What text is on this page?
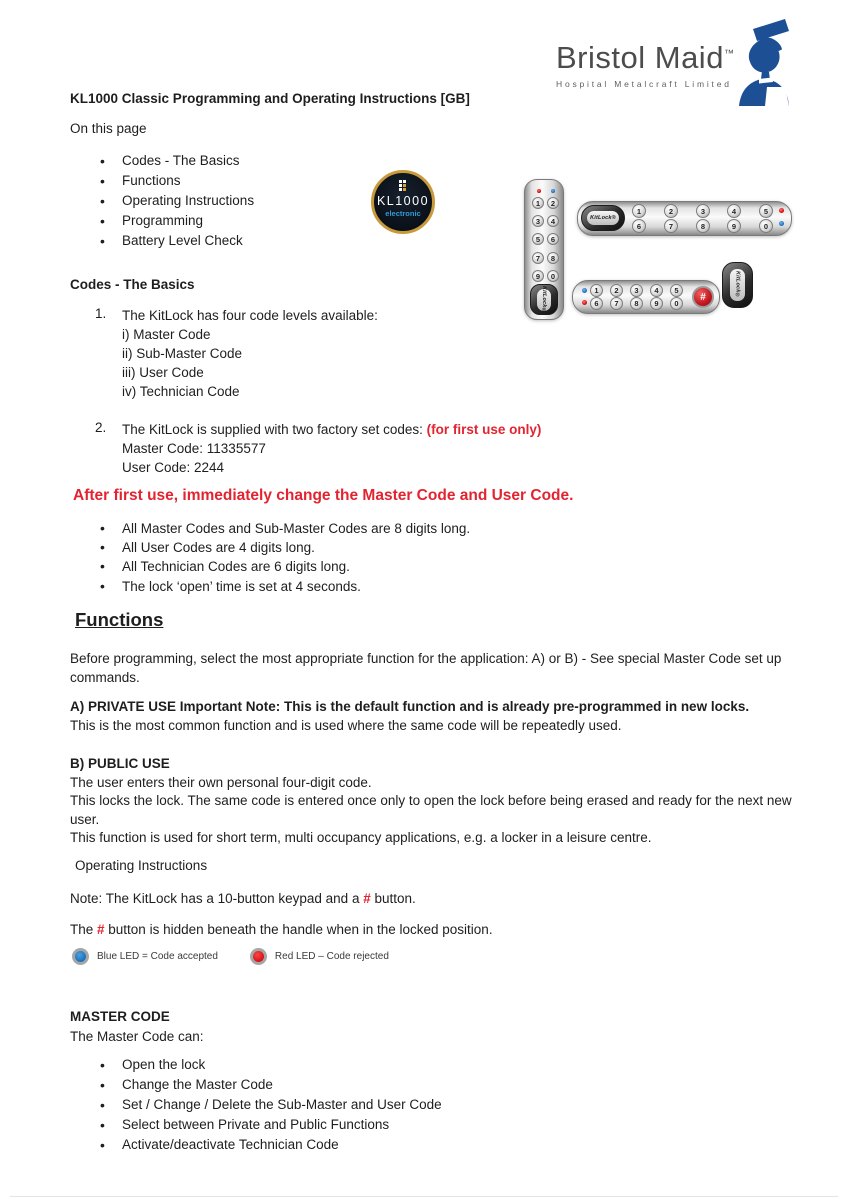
Bristol Maid™
Hospital Metalcraft Limited
KL1000 Classic Programming and Operating Instructions [GB]
On this page
• Codes - The Basics
• Functions
• Operating Instructions
• Programming
• Battery Level Check
KL1000
electronic
1	2
3	4
5	6
7	8
9	0
KitLock®
KitLock®
1	2	3	4	5
6	7	8	9	0
1	2	3	4	5
6	7	8	9	0
#	KitLock®
Codes - The Basics
1.	The KitLock has four code levels available:
i) Master Code
ii) Sub-Master Code
iii) User Code
iv) Technician Code
2.	The KitLock is supplied with two factory set codes: (for first use only)
Master Code: 11335577
User Code: 2244
After first use, immediately change the Master Code and User Code.
• All Master Codes and Sub-Master Codes are 8 digits long.
• All User Codes are 4 digits long.
• All Technician Codes are 6 digits long.
• The lock ‘open’ time is set at 4 seconds.
Functions
Before programming, select the most appropriate function for the application: A) or B) - See special Master Code set up commands.
A) PRIVATE USE Important Note: This is the default function and is already pre-programmed in new locks.
This is the most common function and is used where the same code will be repeatedly used.
B) PUBLIC USE
The user enters their own personal four-digit code.
This locks the lock. The same code is entered once only to open the lock before being erased and ready for the next new user.
This function is used for short term, multi occupancy applications, e.g. a locker in a leisure centre.
Operating Instructions
Note: The KitLock has a 10-button keypad and a # button.
The # button is hidden beneath the handle when in the locked position.
Blue LED = Code accepted	Red LED – Code rejected
MASTER CODE
The Master Code can:
• Open the lock
• Change the Master Code
• Set / Change / Delete the Sub-Master and User Code
• Select between Private and Public Functions
• Activate/deactivate Technician Code
